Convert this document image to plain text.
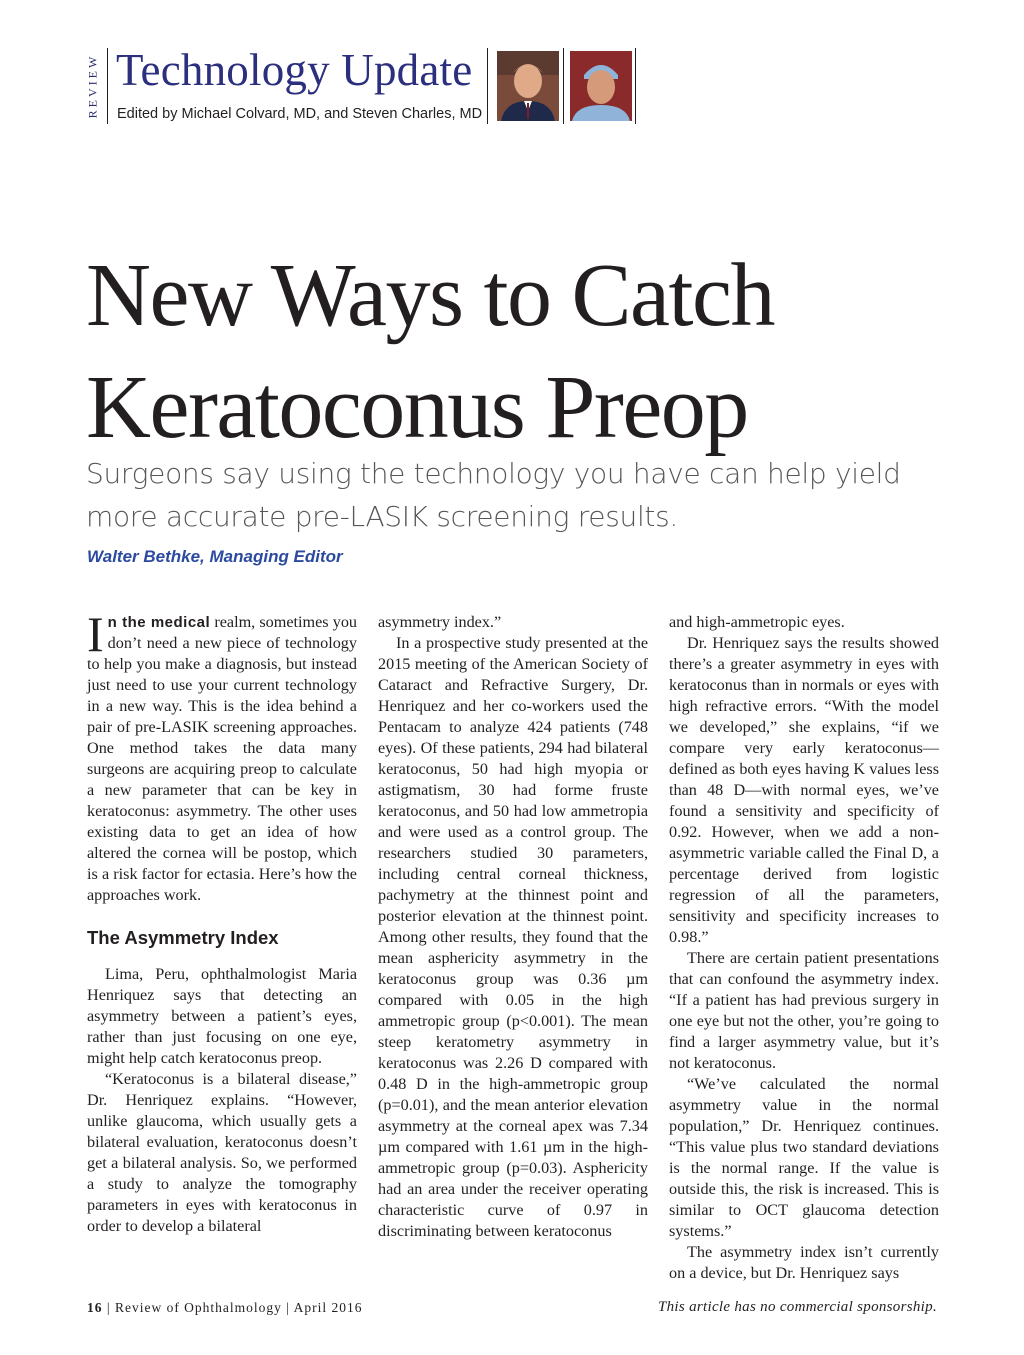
REVIEW Technology Update
Edited by Michael Colvard, MD, and Steven Charles, MD
New Ways to Catch
Keratoconus Preop
Surgeons say using the technology you have can help yield more accurate pre-LASIK screening results.
Walter Bethke, Managing Editor

In the medical realm, sometimes you don’t need a new piece of technology to help you make a diagnosis, but instead just need to use your current technology in a new way. This is the idea behind a pair of pre-LASIK screening approaches. One method takes the data many surgeons are acquiring preop to calculate a new parameter that can be key in keratoconus: asymmetry. The other uses existing data to get an idea of how altered the cornea will be postop, which is a risk factor for ectasia. Here’s how the approaches work.

The Asymmetry Index

Lima, Peru, ophthalmologist Maria Henriquez says that detecting an asymmetry between a patient’s eyes, rather than just focusing on one eye, might help catch keratoconus preop.

“Keratoconus is a bilateral disease,” Dr. Henriquez explains. “However, unlike glaucoma, which usually gets a bilateral evaluation, keratoconus doesn’t get a bilateral analysis. So, we performed a study to analyze the tomography parameters in eyes with keratoconus in order to develop a bilateral

asymmetry index.”

In a prospective study presented at the 2015 meeting of the American Society of Cataract and Refractive Surgery, Dr. Henriquez and her co-workers used the Pentacam to analyze 424 patients (748 eyes). Of these patients, 294 had bilateral keratoconus, 50 had high myopia or astigmatism, 30 had forme fruste keratoconus, and 50 had low ammetropia and were used as a control group. The researchers studied 30 parameters, including central corneal thickness, pachymetry at the thinnest point and posterior elevation at the thinnest point. Among other results, they found that the mean asphericity asymmetry in the keratoconus group was 0.36 µm compared with 0.05 in the high ammetropic group (p<0.001). The mean steep keratometry asymmetry in keratoconus was 2.26 D compared with 0.48 D in the high-ammetropic group (p=0.01), and the mean anterior elevation asymmetry at the corneal apex was 7.34 µm compared with 1.61 µm in the high-ammetropic group (p=0.03). Asphericity had an area under the receiver operating characteristic curve of 0.97 in discriminating between keratoconus

and high-ammetropic eyes.

Dr. Henriquez says the results showed there’s a greater asymmetry in eyes with keratoconus than in normals or eyes with high refractive errors. “With the model we developed,” she explains, “if we compare very early keratoconus—defined as both eyes having K values less than 48 D—with normal eyes, we’ve found a sensitivity and specificity of 0.92. However, when we add a non-asymmetric variable called the Final D, a percentage derived from logistic regression of all the parameters, sensitivity and specificity increases to 0.98.”

There are certain patient presentations that can confound the asymmetry index. “If a patient has had previous surgery in one eye but not the other, you’re going to find a larger asymmetry value, but it’s not keratoconus.

“We’ve calculated the normal asymmetry value in the normal population,” Dr. Henriquez continues. “This value plus two standard deviations is the normal range. If the value is outside this, the risk is increased. This is similar to OCT glaucoma detection systems.”

The asymmetry index isn’t currently on a device, but Dr. Henriquez says

16 | Review of Ophthalmology | April 2016	This article has no commercial sponsorship.
